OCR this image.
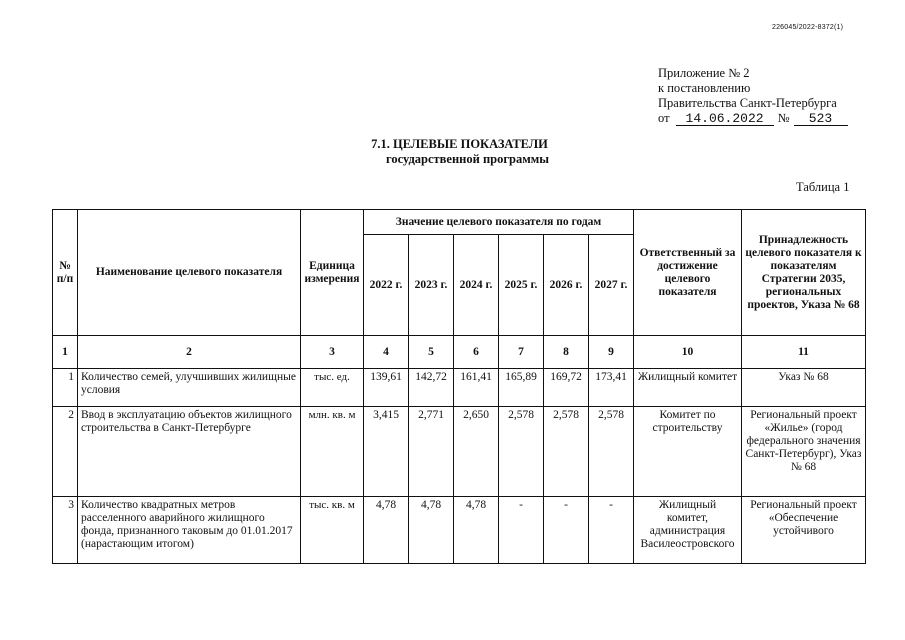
226045/2022-8372(1)
Приложение № 2
к постановлению
Правительства Санкт-Петербурга
от 14.06.2022 № 523
7.1. ЦЕЛЕВЫЕ ПОКАЗАТЕЛИ
государственной программы
Таблица 1
№ п/п	Наименование целевого показателя	Единица измерения	Значение целевого показателя по годам						Ответственный за достижение целевого показателя	Принадлежность целевого показателя к показателям Стратегии 2035, региональных проектов, Указа № 68
			2022 г.	2023 г.	2024 г.	2025 г.	2026 г.	2027 г.		
1	2	3	4	5	6	7	8	9	10	11
1	Количество семей, улучшивших жилищные условия	тыс. ед.	139,61	142,72	161,41	165,89	169,72	173,41	Жилищный комитет	Указ № 68
2	Ввод в эксплуатацию объектов жилищного строительства в Санкт-Петербурге	млн. кв. м	3,415	2,771	2,650	2,578	2,578	2,578	Комитет по строительству	Региональный проект «Жилье» (город федерального значения Санкт-Петербург), Указ № 68
3	Количество квадратных метров расселенного аварийного жилищного фонда, признанного таковым до 01.01.2017 (нарастающим итогом)	тыс. кв. м	4,78	4,78	4,78	-	-	-	Жилищный комитет, администрация Василеостровского	Региональный проект «Обеспечение устойчивого
